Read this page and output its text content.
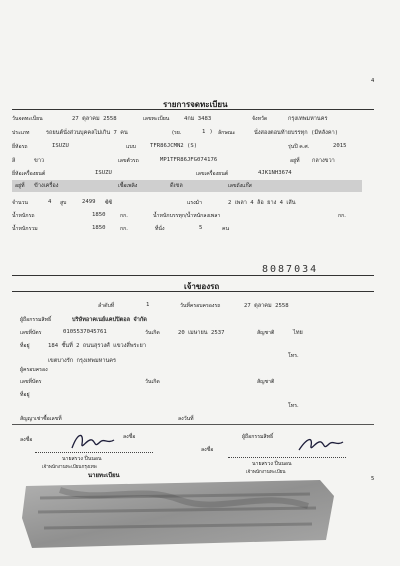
4
รายการจดทะเบียน
วันจดทะเบียน	27 ตุลาคม 2558	เลขทะเบียน	4กม 3483	จังหวัด	กรุงเทพมหานคร
ประเภท	รถยนต์นั่งส่วนบุคคลไม่เกิน 7 คน	(รย.	1 ) ลักษณะ	นั่งสองตอนท้ายบรรทุก (มีหลังคา)
ยี่ห้อรถ	ISUZU	แบบ	TFR86JCMN2 (S)	รุ่นปี ค.ศ.	2015
สี	ขาว	เลขตัวรถ	MP1TFR86JFG074176	อยู่ที่ กลางขวา
ยี่ห้อเครื่องยนต์	ISUZU	เลขเครื่องยนต์	4JK1NH3674
อยู่ที่ ข้างเครื่อง	เชื้อเพลิง	ดีเซล	เลขถังแก๊ส
จำนวน	4 สูบ	2499 ซีซี	แรงม้า	2 เพลา 4 ล้อ ยาง 4 เส้น
น้ำหนักรถ	1850	กก.	น้ำหนักบรรทุก/น้ำหนักลงเพลา	กก.
น้ำหนักรวม	1850	กก.	ที่นั่ง	5	คน
8087034
เจ้าของรถ
ลำดับที่	1	วันที่ครอบครองรถ	27 ตุลาคม 2558
ผู้ถือกรรมสิทธิ์	บริษัทอาคเนย์แคปปิตอล จำกัด
เลขที่บัตร	0105537045761	วันเกิด	20 เมษายน 2537	สัญชาติ	ไทย
ที่อยู่	184 ชั้นที่ 2 ถนนสุรวงศ์ แขวงสี่พระยา
เขตบางรัก กรุงเทพมหานคร
โทร.
ผู้ครอบครอง
เลขที่บัตร	วันเกิด	สัญชาติ
ที่อยู่
โทร.
สัญญาเช่าซื้อเลขที่	ลงวันที่
ลงชื่อ	ลงชื่อ	ผู้ถือกรรมสิทธิ์
ลงชื่อ
นายสรวง ปิ่นนอน
เจ้าพนักงานทะเบียนกรุงเทพ
นายทะเบียน
นายสรวง ปิ่นนอน
เจ้าพนักงานทะเบียน
5
